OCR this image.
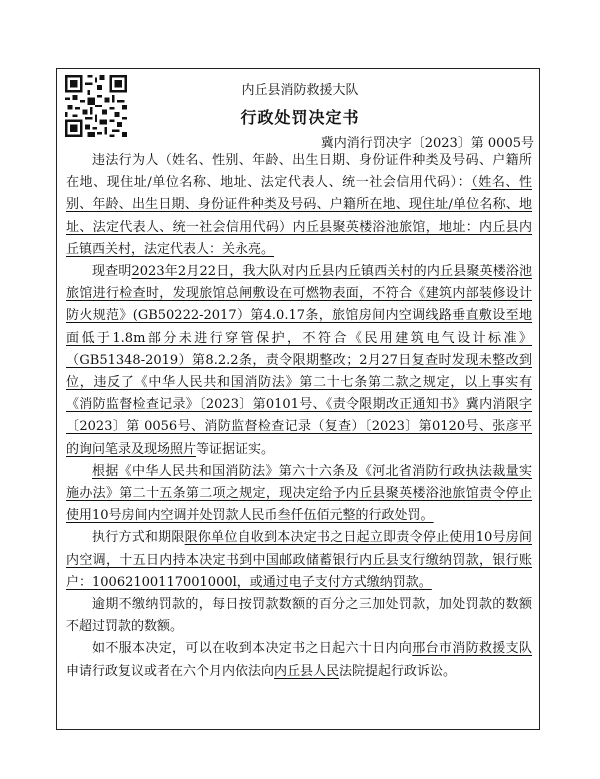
内丘县消防救援大队
行政处罚决定书
冀内消行罚决字〔2023〕第 0005号

违法行为人（姓名、性别、年龄、出生日期、身份证件种类及号码、户籍所在地、现住址/单位名称、地址、法定代表人、统一社会信用代码）：（姓名、性别、年龄、出生日期、身份证件种类及号码、户籍所在地、现住址/单位名称、地址、法定代表人、统一社会信用代码）内丘县聚英楼浴池旅馆，地址：内丘县内丘镇西关村，法定代表人：关永亮。

现查明2023年2月22日，我大队对内丘县内丘镇西关村的内丘县聚英楼浴池旅馆进行检查时，发现旅馆总闸敷设在可燃物表面，不符合《建筑内部装修设计防火规范》(GB50222-2017）第4.0.17条，旅馆房间内空调线路垂直敷设至地面低于1.8m部分未进行穿管保护，不符合《民用建筑电气设计标准》（GB51348-2019）第8.2.2条，责令限期整改；2月27日复查时发现未整改到位，违反了《中华人民共和国消防法》第二十七条第二款之规定，以上事实有《消防监督检查记录》〔2023〕第0101号、《责令限期改正通知书》冀内消限字〔2023〕第 0056号、消防监督检查记录（复查）〔2023〕第0120号、张彦平的询问笔录及现场照片等证据证实。

根据《中华人民共和国消防法》第六十六条及《河北省消防行政执法裁量实施办法》第二十五条第二项之规定，现决定给予内丘县聚英楼浴池旅馆责令停止使用10号房间内空调并处罚款人民币叁仟伍佰元整的行政处罚。

执行方式和期限限你单位自收到本决定书之日起立即责令停止使用10号房间内空调，十五日内持本决定书到中国邮政储蓄银行内丘县支行缴纳罚款，银行账户：10062100117001000l，或通过电子支付方式缴纳罚款。

逾期不缴纳罚款的，每日按罚款数额的百分之三加处罚款，加处罚款的数额不超过罚款的数额。

如不服本决定，可以在收到本决定书之日起六十日内向邢台市消防救援支队申请行政复议或者在六个月内依法向内丘县人民法院提起行政诉讼。
